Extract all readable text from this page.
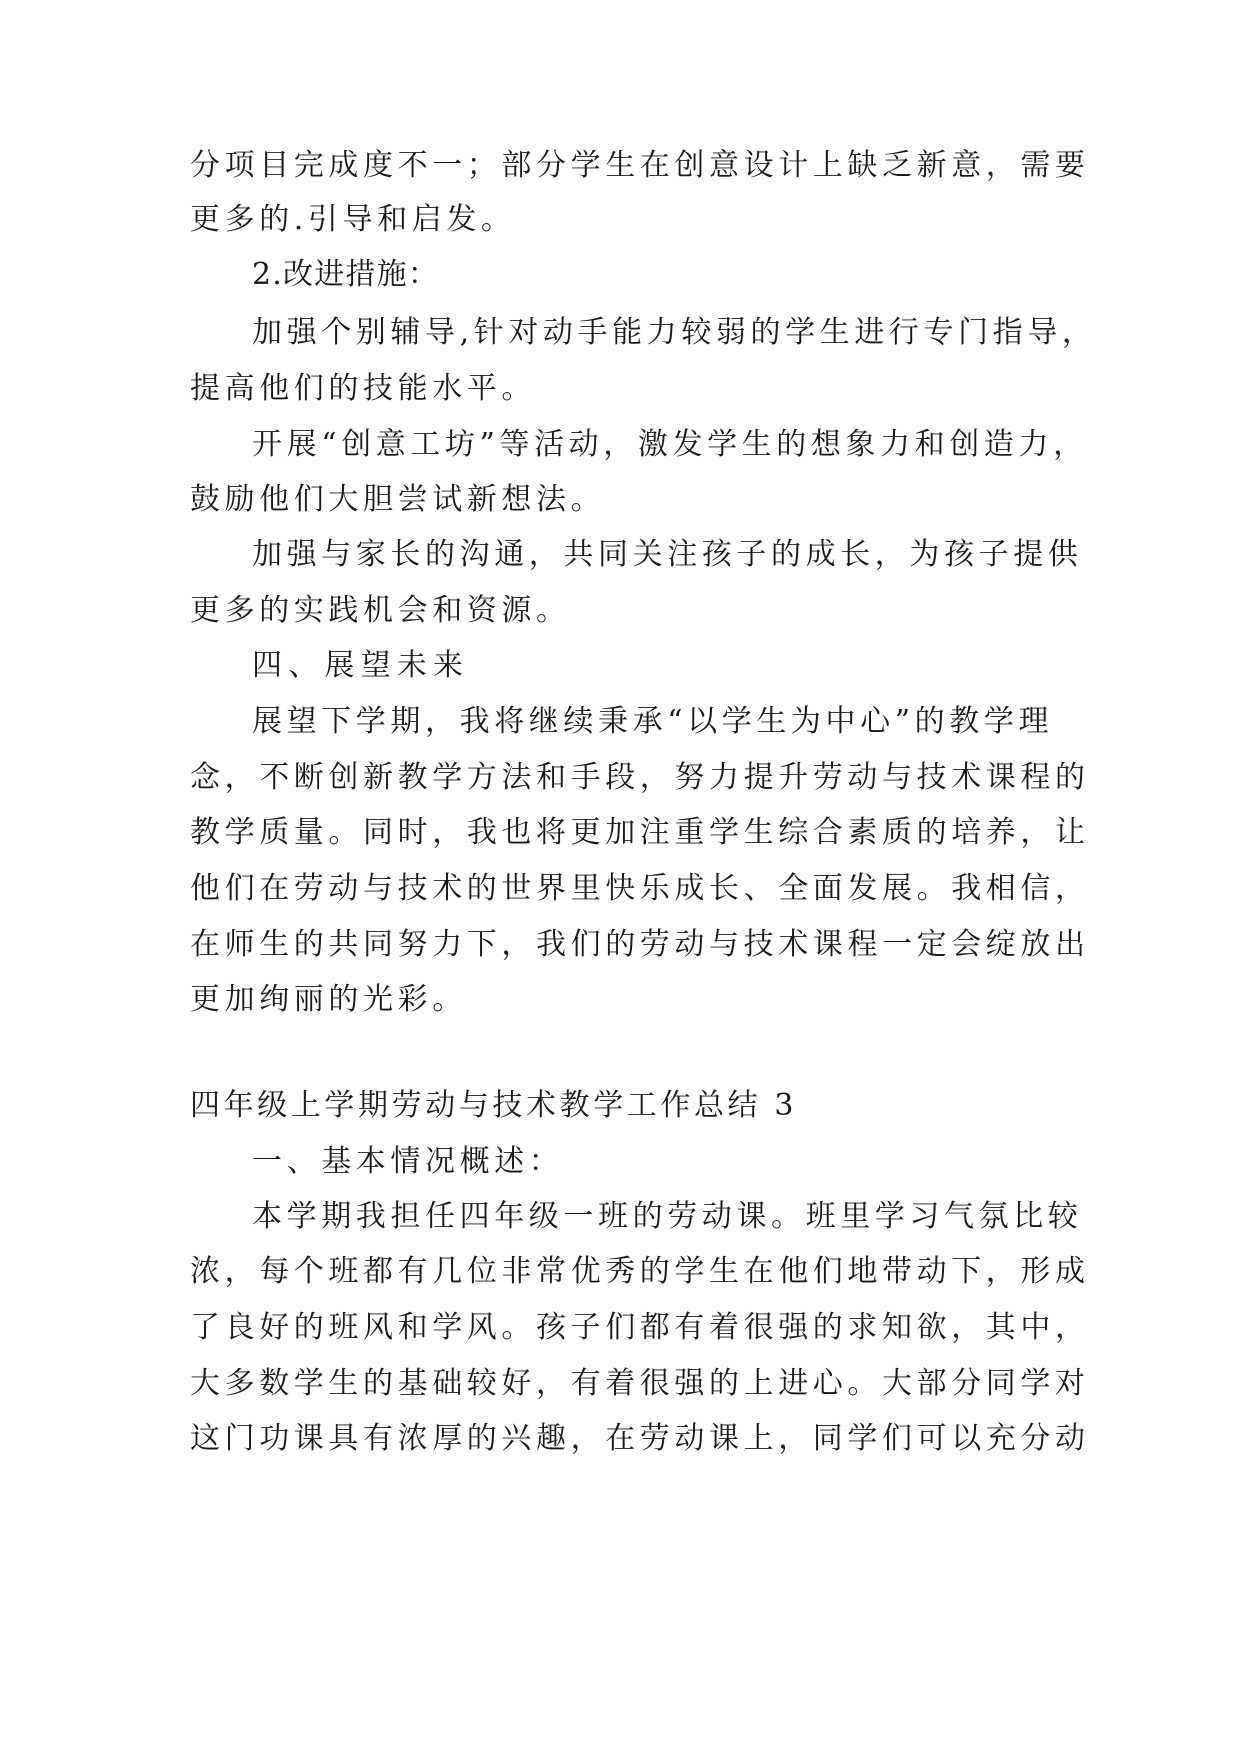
分项目完成度不一；部分学生在创意设计上缺乏新意，需要
更多的.引导和启发。
2.改进措施：
加强个别辅导,针对动手能力较弱的学生进行专门指导，
提高他们的技能水平。
开展“创意工坊”等活动，激发学生的想象力和创造力，
鼓励他们大胆尝试新想法。
加强与家长的沟通，共同关注孩子的成长，为孩子提供
更多的实践机会和资源。
四、展望未来
展望下学期，我将继续秉承“以学生为中心”的教学理
念，不断创新教学方法和手段，努力提升劳动与技术课程的
教学质量。同时，我也将更加注重学生综合素质的培养，让
他们在劳动与技术的世界里快乐成长、全面发展。我相信，
在师生的共同努力下，我们的劳动与技术课程一定会绽放出
更加绚丽的光彩。
四年级上学期劳动与技术教学工作总结 3
一、基本情况概述：
本学期我担任四年级一班的劳动课。班里学习气氛比较
浓，每个班都有几位非常优秀的学生在他们地带动下，形成
了良好的班风和学风。孩子们都有着很强的求知欲，其中，
大多数学生的基础较好，有着很强的上进心。大部分同学对
这门功课具有浓厚的兴趣，在劳动课上，同学们可以充分动
